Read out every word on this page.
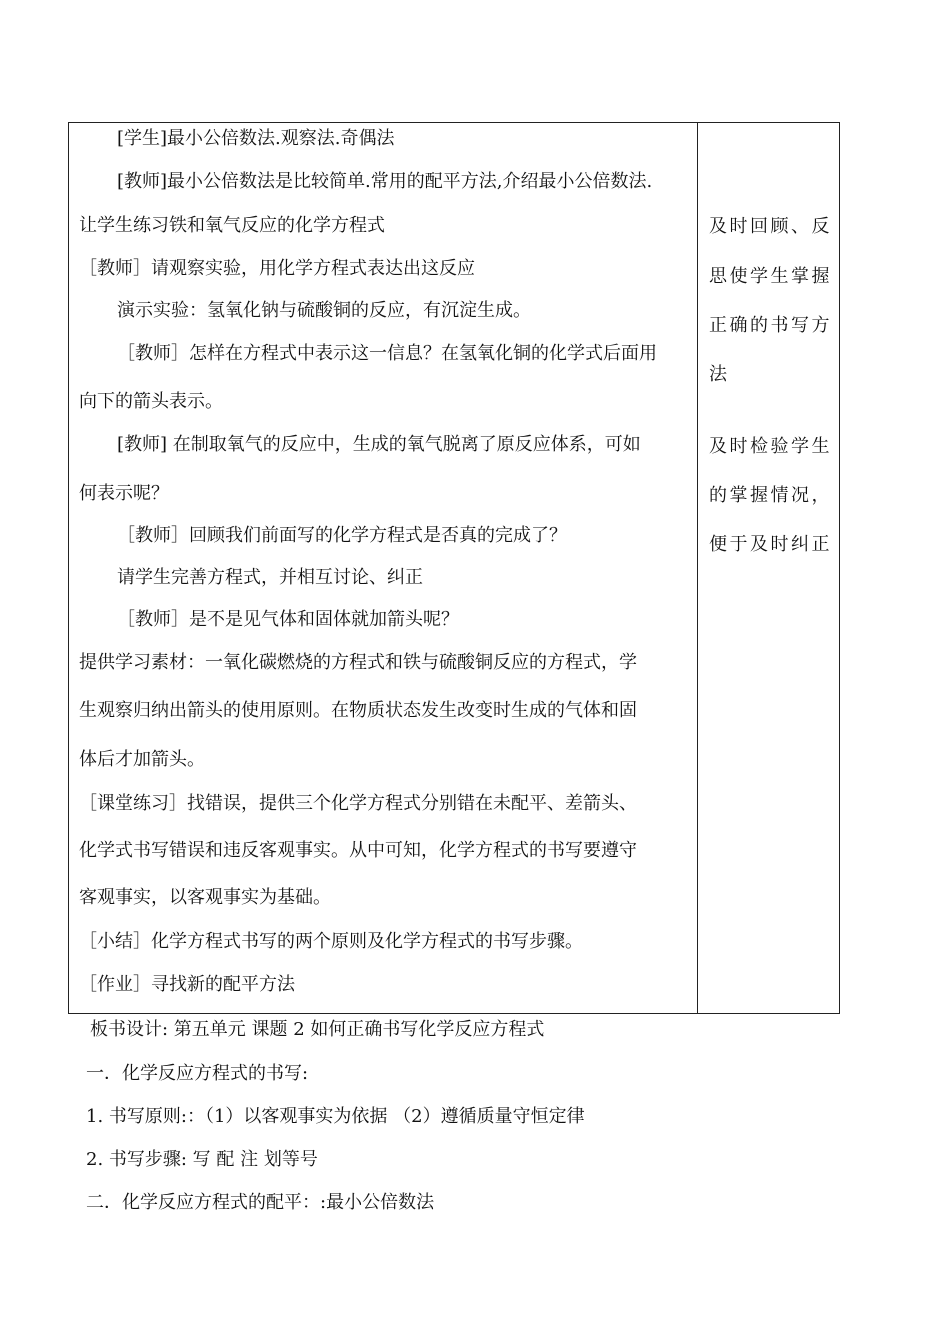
[学生]最小公倍数法.观察法.奇偶法
[教师]最小公倍数法是比较简单.常用的配平方法,介绍最小公倍数法.
让学生练习铁和氧气反应的化学方程式
［教师］请观察实验，用化学方程式表达出这反应
演示实验：氢氧化钠与硫酸铜的反应，有沉淀生成。
［教师］怎样在方程式中表示这一信息？在氢氧化铜的化学式后面用
向下的箭头表示。
[教师] 在制取氧气的反应中，生成的氧气脱离了原反应体系，可如
何表示呢？
［教师］回顾我们前面写的化学方程式是否真的完成了？
请学生完善方程式，并相互讨论、纠正
［教师］是不是见气体和固体就加箭头呢？
提供学习素材：一氧化碳燃烧的方程式和铁与硫酸铜反应的方程式，学
生观察归纳出箭头的使用原则。在物质状态发生改变时生成的气体和固
体后才加箭头。
［课堂练习］找错误，提供三个化学方程式分别错在未配平、差箭头、
化学式书写错误和违反客观事实。从中可知，化学方程式的书写要遵守
客观事实，以客观事实为基础。
［小结］化学方程式书写的两个原则及化学方程式的书写步骤。
［作业］寻找新的配平方法
及时回顾、反
思使学生掌握
正确的书写方
法
及时检验学生
的掌握情况，
便于及时纠正
板书设计: 第五单元 课题 2 如何正确书写化学反应方程式
一．化学反应方程式的书写:
1. 书写原则:：（1）以客观事实为依据 （2）遵循质量守恒定律
2. 书写步骤: 写 配 注 划等号
二．化学反应方程式的配平：:最小公倍数法
